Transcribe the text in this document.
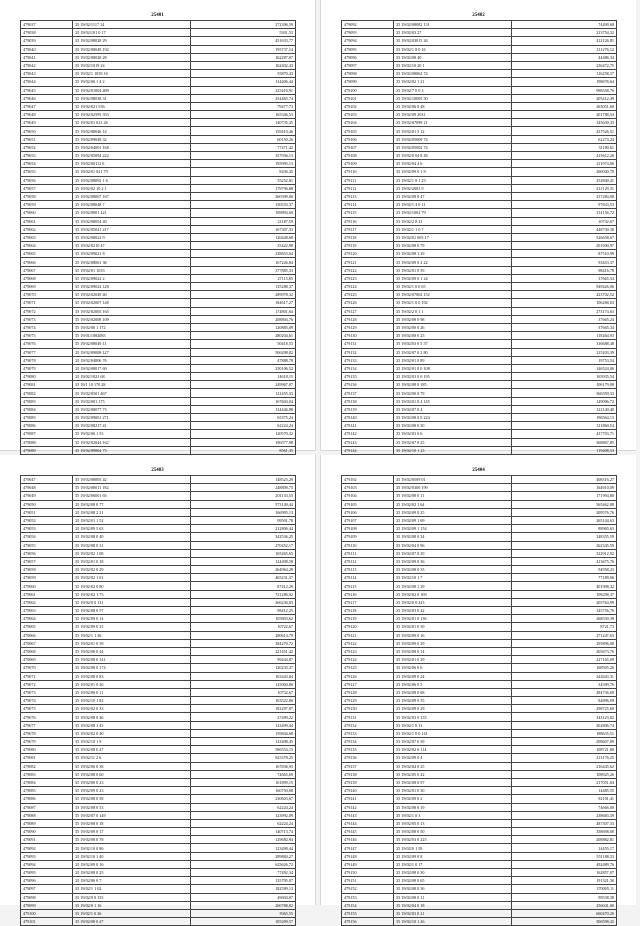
25401
479037	35 19/02/1117 14	272396,59
479038	35 19/02/101 0 17	5301,53
479039	35 19/02/08028 29	451633,77
479040	35 19/02/08049 192	195737,14
479041	35 19/02/08028 28	162287,07
479042	35 19/02/1019 24	162402,43
479043	35 19/02/1 1039 16	55870,43
479044	35 19/02/06 1 4 2	134406,44
479045	35 19/02/01004 409	225416,91
479046	35 19/02/08038 31	254465,74
479047	35 19/02/021 536	79477,73
479048	35 19/02/02595 353	165346,53
479049	35 19/02/01 021 26	140735,35
479050	35 19/02/08046 14	159410,46
479051	35 19/02/09048 32	60150,26
479052	35 19/02/04001 168	77471,42
479053	35 19/02/05094 222	357936,13
479054	35 19/02/00112 6	195995,13
479055	35 19/02/01 021 79	8436,45
479056	35 19/02/08092 1 6	35252,81
479057	35 19/02/02 10 2 1	179796,88
479058	35 19/02/08007 167	260399,06
479059	35 19/02/08048 7	150533,37
479060	35 19/02/0001 421	109894,60
479061	35 19/02/08054 40	21187,59
479062	35 19/02/05041 217	167307,33
479063	35 19/02/08022 9	126448,68
479064	35 19/02/0210 47	35422,98
479065	35 19/02/09021 8	238653,64
479066	35 19/02/08061 38	167226,84
479067	35 19/02/01 1033	377885,33
479068	35 19/02/09022 2	27115,85
479069	35 19/02/09022 128	135288,37
479070	35 19/02/02049 40	289978,32
479071	35 19/02/02007 148	184617,27
479072	35 19/02/02005 165	174801,64
479073	35 19/02/02008 109	208804,76
479074	35 19/02/00 1 172	120885,09
479075	35 19/01/1082083	280204,61
479076	35 19/02/08049 11	50418,53
479077	35 19/02/09008 127	506298,02
479078	35 19/02/04006 76	47888,78
479079	35 19/02/08017 69	250106,52
479080	35 19/02/1021 68	14618,15
479081	35 19/1 10 170 28	249967,07
479082	35 19/02/0501 467	121455,33
479083	35 19/02/001 175	167604,04
479084	35 19/02/08077 73	134446,88
479085	35 19/02/09001 271	65375,24
479086	35 19/02/08217 41	62224,24
479087	35 19/02/06 1 53	120570,32
479088	35 19/02/02044 162	196577,98
479089	35 19/02/09004 73	8561,35

25402
479092	35 19/02/08082 131	74490,68
479093	35 19/02/03 27	213754,32
479094	35 19/02/03015 26	412126,81
479095	35 19/02/1 8 0 16	131276,12
479096	35 19/02/08 40	44486,34
479097	35 19/02/10 20 1	236472,75
479098	35 19/02/08062 74	116258,37
479099	35 19/02/02 1 21	198676,64
479100	35 19/02/7 0 0 3	998358,76
479101	35 19/02/10005 50	205412,49
479102	35 19/02/06 0 48	263051,60
479103	35 19/02/09 2031	201788,54
479104	35 19/02/07099 21	345630,33
479105	35 19/02/01 5 12	437526,51
479106	35 19/02/05009 74	62274,24
479107	35 19/02/05002 74	31180,61
479108	35 19/02/0 04 8 49	415612,26
479109	35 19/02/04 4 6	211974,86
479110	35 19/02/09 0 1 8	266040,70
479111	35 19/02/1 8 1 23	252840,41
479112	35 19/02/2003 9	412129,31
479113	35 19/02/08 0 47	237284,08
479114	35 19/02/1 4 0 11	97633,53
479115	35 19/02/1002 79	314156,72
479116	35 19/02/2 0 21	10732,67
479117	35 19/02/1 1 0 7	448730,30
479118	35 19/02/01 005 17	526658,67
479119	35 19/02/08 0 79	291900,97
479120	35 19/02/08 1 29	87510,99
479121	35 19/02/09 0 2 22	93453,37
479122	35 19/02/01 0 59	98416,78
479123	35 19/02/09 0 1 24	37665,54
479124	35 19/02/1 0 0 65	949426,06
479125	35 19/02/07002 152	423702,52
479126	35 19/02/1 0 0 192	106268,63
479127	35 19/02/2 0 1 1	273174,63
479128	35 19/02/08 0 98	37665,24
479129	35 19/02/00 0 26	37665,34
479130	35 19/02/08 0 25	118264,93
479131	35 19/02/03 0 5 57	316688,48
479132	35 19/02/07 0 2 80	215203,39
479133	35 19/02/01 0 89	19753,54
479134	35 19/02/01 0 0 108	146524,06
479135	35 19/02/03 0 0 195	165935,54
479136	35 19/02/08 0 185	106179,00
479137	35 19/02/00 0 79	360359,33
479138	35 19/02/01 0 4 145	149096,72
479139	35 19/02/07 0 4	122140,40
479140	35 19/02/08 0 0 224	196564,13
479141	35 19/02/08 0 30	311860,54
479142	35 19/02/03 0 6	437703,71
479143	35 19/02/07 0 25	368867,85
479144	35 19/02/10 1 23	119408,33

25403
479047	35 19/02/08005 42	148525,29
479048	35 19/02/08011 182	248809,75
479049	35 19/02/06001 65	201133,55
479050	35 19/02/08 0 77	573149,44
479051	35 19/02/08 2 21	166995,13
479052	35 19/02/01 1 52	99501,78
479053	35 19/02/09 5 63	212806,44
479054	35 19/02/08 0 40	342536,25
479055	35 19/02/08 0 31	270452,17
479056	35 19/02/02 1 08	165265,65
479057	35 19/02/01 0 18	124498,58
479058	35 19/02/02 0 29	264964,28
479059	35 19/02/02 1 61	465231,37
479060	35 19/02/02 0 80	87412,29
479061	35 19/02/02 1 73	721286,02
479062	35 19/02/0 0 131	266236,83
479063	35 19/02/08 0 57	98412,25
479064	35 19/02/09 0 14	105803,62
479065	35 19/02/09 0 25	10722,67
479066	35 19/02/1 1 36	280614,79
479067	35 19/02/01 0 39	384270,72
479068	35 19/02/06 0 44	221451,42
479069	35 19/02/08 0 141	99444,87
479070	35 19/02/08 0 174	120235,37
479071	35 19/02/08 0 83	163443,84
479072	35 19/02/01 0 26	125004,86
479073	35 19/02/06 0 11	10732,67
479074	35 19/02/10 1 82	163522,86
479075	35 19/02/02 0 33	182297,07
479076	35 19/02/08 0 46	27499,22
479077	35 19/02/08 1 45	123499,44
479078	35 19/02/02 0 40	159844,68
479079	35 19/02/10 1 9	123498,45
479080	35 19/02/08 0 47	586554,15
479081	35 19/02/11 2 6	925378,25
479082	35 19/02/06 0 38	167836,93
479083	35 19/02/08 0 60	74665,69
479084	35 19/02/00 0 23	101899,15
479085	35 19/02/09 0 23	160750,08
479086	35 19/02/08 0 58	230603,67
479087	35 19/02/08 0 53	62224,24
479088	35 19/02/07 0 149	123992,09
479089	35 19/02/08 0 18	62224,24
479090	35 19/02/09 0 17	140713,74
479091	35 19/02/08 0 78	129682,94
479092	35 19/02/10 0 86	123498,44
479093	35 19/02/10 1 40	289884,27
479094	35 19/02/09 0 16	625626,72
479095	35 19/02/08 0 25	77492,34
479096	35 19/02/06 0 7	135795,07
479097	35 19/02/1 1 02	182599,13
479098	35 19/02/0 0 155	49694,07
479099	35 19/02/0 1 16	200788,82
479100	35 19/02/1 0 26	3965,55
479101	35 19/02/08 0 47	105209,57
25404
479102	35 19/02/0509 01	408316,27
479103	35 19/02/0300 199	164910,09
479104	35 19/02/08 0 11	171994,80
479105	35 19/02/02 1 64	565462,08
479106	35 19/02/09 0 25	209576,76
479107	35 19/02/09 1 69	265144,63
479108	35 19/02/09 1 154	88965,63
479109	35 19/02/08 0 34	348355,59
479110	35 19/02/04 0 96	262345,59
479111	35 19/02/07 0 29	322912,92
479112	35 19/02/09 0 36	413675,76
479113	35 19/02/08 0 33	94958,23
479114	35 19/02/10 1 7	77189,06
479115	35 19/02/08 1 29	401998,32
479116	35 19/02/02 0 169	108298,37
479117	35 19/02/0 0 243	205764,99
479118	35 19/02/03 0 42	345756,76
479119	35 19/02/01 0 136	268530,39
479120	35 19/02/01 0 39	8721,73
479121	35 19/02/09 0 16	271247,63
479122	35 19/02/09 0 29	295896,08
479123	35 19/02/08 0 14	205673,76
479124	35 19/02/01 0 29	227165,09
479125	35 19/02/06 0 6	168505,26
479126	35 19/02/09 0 24	242643,31
479127	35 19/02/06 0 5	34599,76
479128	35 19/02/08 0 68	284736,69
479129	35 19/02/09 0 55	84896,09
479130	35 19/02/09 0 29	298725,69
479131	35 19/02/03 0 155	343123,82
479132	35 19/02/1 0 13	202806,74
479133	35 19/02/1 0 0 141	188635,51
479134	35 19/02/07 0 39	298607,89
479135	35 19/02/02 0 114	108721,80
479136	35 19/02/09 0 4	213176,25
479137	35 19/02/04 0 25	216445,62
479138	35 19/02/05 0 42	108925,26
479139	35 19/02/08 0 97	217051,04
479140	35 19/02/01 0 30	14485,55
479141	35 19/02/09 0 2	92101,41
479142	35 19/02/08 0 19	74666,00
479143	35 19/02/1 0 3	238683,39
479144	35 19/02/05 0 13	487307,33
479145	35 19/02/08 0 50	358698,00
479146	35 19/02/03 0 225	208882,81
479147	35 19/02/0 1 59	14455,17
479148	35 19/02/09 0 8	551188,33
479149	35 19/02/1 0 17	492489,76
479150	35 19/02/08 0 30	162857,07
479151	35 19/02/08 0 65	191321,36
479152	35 19/02/08 0 36	370005,11
479153	35 19/02/08 0 11	99538,38
479154	35 19/02/04 0 18	256041,00
479155	35 19/02/03 0 21	660470,20
479156	35 19/02/10 1 26	306598,43
